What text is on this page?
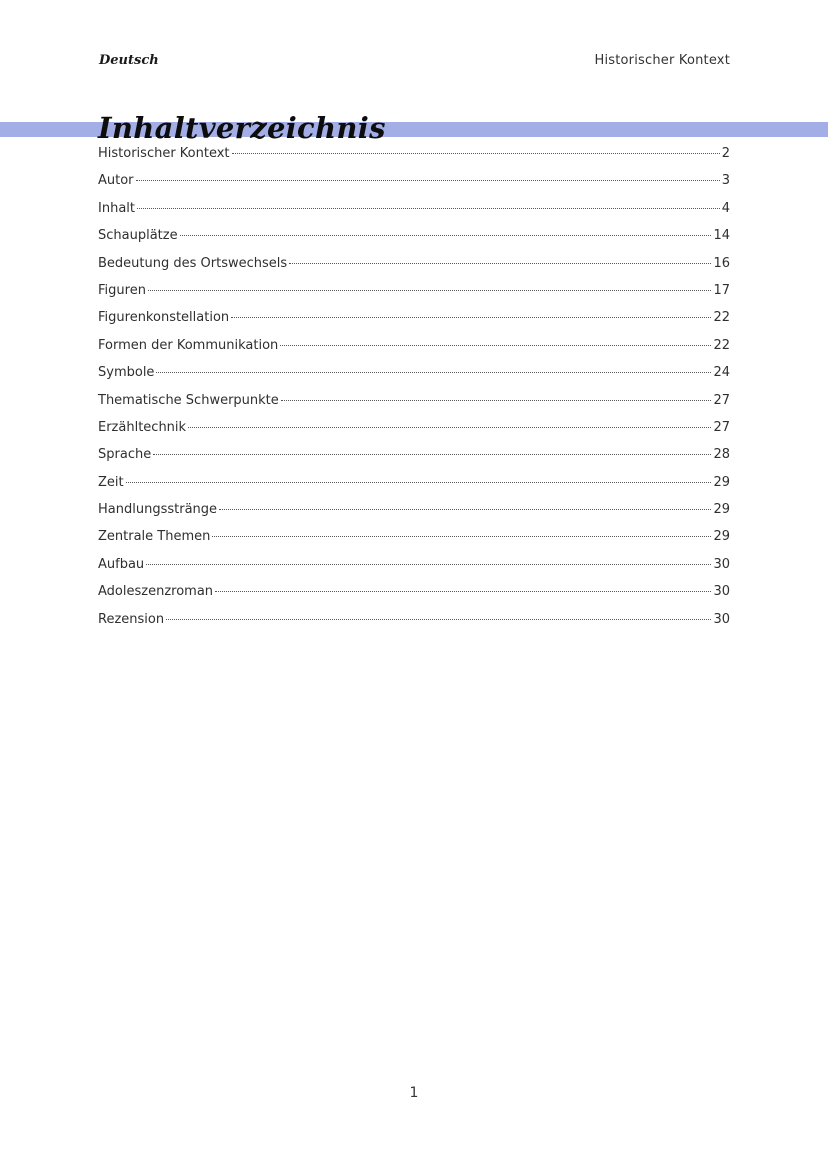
Deutsch	Historischer Kontext
Inhaltverzeichnis
Historischer Kontext	2
Autor	3
Inhalt	4
Schauplätze	14
Bedeutung des Ortswechsels	16
Figuren	17
Figurenkonstellation	22
Formen der Kommunikation	22
Symbole	24
Thematische Schwerpunkte	27
Erzähltechnik	27
Sprache	28
Zeit	29
Handlungsstränge	29
Zentrale Themen	29
Aufbau	30
Adoleszenzroman	30
Rezension	30
1
